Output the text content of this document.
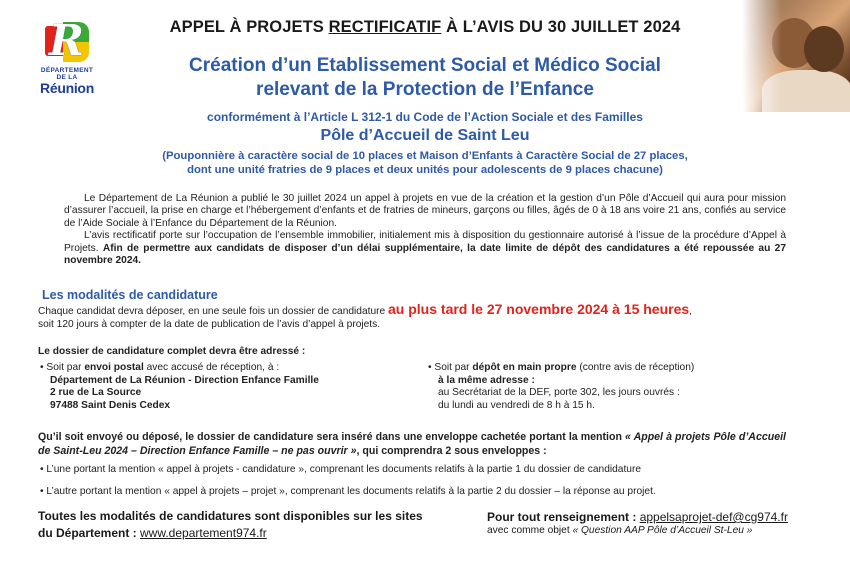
R
DÉPARTEMENT DE LA
Réunion
APPEL À PROJETS RECTIFICATIF À L’AVIS DU 30 JUILLET 2024
Création d’un Etablissement Social et Médico Social
relevant de la Protection de l’Enfance
conformément à l’Article L 312-1 du Code de l’Action Sociale et des Familles
Pôle d’Accueil de Saint Leu
(Pouponnière à caractère social de 10 places et Maison d’Enfants à Caractère Social de 27 places,
dont une unité fratries de 9 places et deux unités pour adolescents de 9 places chacune)

Le Département de La Réunion a publié le 30 juillet 2024 un appel à projets en vue de la création et la gestion d’un Pôle d’Accueil qui aura pour mission d’assurer l’accueil, la prise en charge et l’hébergement d’enfants et de fratries de mineurs, garçons ou filles, âgés de 0 à 18 ans voire 21 ans, confiés au service de l’Aide Sociale à l’Enfance du Département de la Réunion.

L’avis rectificatif porte sur l’occupation de l’ensemble immobilier, initialement mis à disposition du gestionnaire autorisé à l’issue de la procédure d’Appel à Projets. Afin de permettre aux candidats de disposer d’un délai supplémentaire, la date limite de dépôt des candidatures a été repoussée au 27 novembre 2024.

Les modalités de candidature
Chaque candidat devra déposer, en une seule fois un dossier de candidature au plus tard le 27 novembre 2024 à 15 heures,
soit 120 jours à compter de la date de publication de l’avis d’appel à projets.
Le dossier de candidature complet devra être adressé :
• Soit par envoi postal avec accusé de réception, à :
Département de La Réunion - Direction Enfance Famille
2 rue de La Source
97488 Saint Denis Cedex
• Soit par dépôt en main propre (contre avis de réception)
à la même adresse :
au Secrétariat de la DEF, porte 302, les jours ouvrés :
du lundi au vendredi de 8 h à 15 h.
Qu’il soit envoyé ou déposé, le dossier de candidature sera inséré dans une enveloppe cachetée portant la mention « Appel à projets Pôle d’Accueil de Saint-Leu 2024 – Direction Enfance Famille – ne pas ouvrir », qui comprendra 2 sous enveloppes :
• L’une portant la mention « appel à projets - candidature », comprenant les documents relatifs à la partie 1 du dossier de candidature
• L’autre portant la mention « appel à projets – projet », comprenant les documents relatifs à la partie 2 du dossier – la réponse au projet.
Toutes les modalités de candidatures sont disponibles sur les sites
du Département : www.departement974.fr
Pour tout renseignement : appelsaprojet-def@cg974.fr
avec comme objet « Question AAP Pôle d’Accueil St-Leu »
